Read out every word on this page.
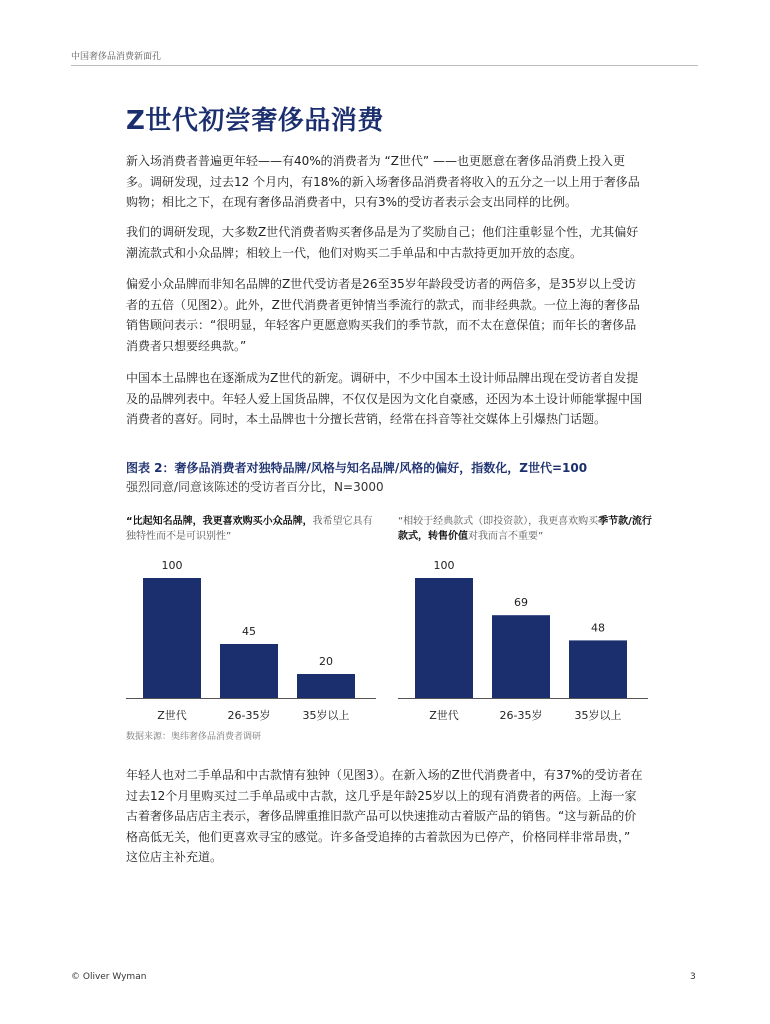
中国奢侈品消费新面孔
Z世代初尝奢侈品消费

新入场消费者普遍更年轻——有40%的消费者为 “Z世代” ——也更愿意在奢侈品消费上投入更多。调研发现，过去12 个月内，有18%的新入场奢侈品消费者将收入的五分之一以上用于奢侈品购物；相比之下，在现有奢侈品消费者中，只有3%的受访者表示会支出同样的比例。

我们的调研发现，大多数Z世代消费者购买奢侈品是为了奖励自己；他们注重彰显个性，尤其偏好潮流款式和小众品牌；相较上一代，他们对购买二手单品和中古款持更加开放的态度。

偏爱小众品牌而非知名品牌的Z世代受访者是26至35岁年龄段受访者的两倍多，是35岁以上受访者的五倍（见图2）。此外，Z世代消费者更钟情当季流行的款式，而非经典款。一位上海的奢侈品销售顾问表示：“很明显，年轻客户更愿意购买我们的季节款，而不太在意保值；而年长的奢侈品消费者只想要经典款。”

中国本土品牌也在逐渐成为Z世代的新宠。调研中，不少中国本土设计师品牌出现在受访者自发提及的品牌列表中。年轻人爱上国货品牌，不仅仅是因为文化自豪感，还因为本土设计师能掌握中国消费者的喜好。同时，本土品牌也十分擅长营销，经常在抖音等社交媒体上引爆热门话题。

图表 2：奢侈品消费者对独特品牌/风格与知名品牌/风格的偏好，指数化，Z世代=100
强烈同意/同意该陈述的受访者百分比，N=3000
“比起知名品牌，我更喜欢购买小众品牌，我希望它具有独特性而不是可识别性”
“相较于经典款式（即投资款），我更喜欢购买季节款/流行款式，转售价值对我而言不重要”
100
Z世代
45
26-35岁
20
35岁以上
100
Z世代
69
26-35岁
48
35岁以上
数据来源：奥纬奢侈品消费者调研

年轻人也对二手单品和中古款情有独钟（见图3）。在新入场的Z世代消费者中，有37%的受访者在过去12个月里购买过二手单品或中古款，这几乎是年龄25岁以上的现有消费者的两倍。上海一家古着奢侈品店店主表示，奢侈品牌重推旧款产品可以快速推动古着版产品的销售。“这与新品的价格高低无关，他们更喜欢寻宝的感觉。许多备受追捧的古着款因为已停产，价格同样非常昂贵，” 这位店主补充道。

© Oliver Wyman	3
